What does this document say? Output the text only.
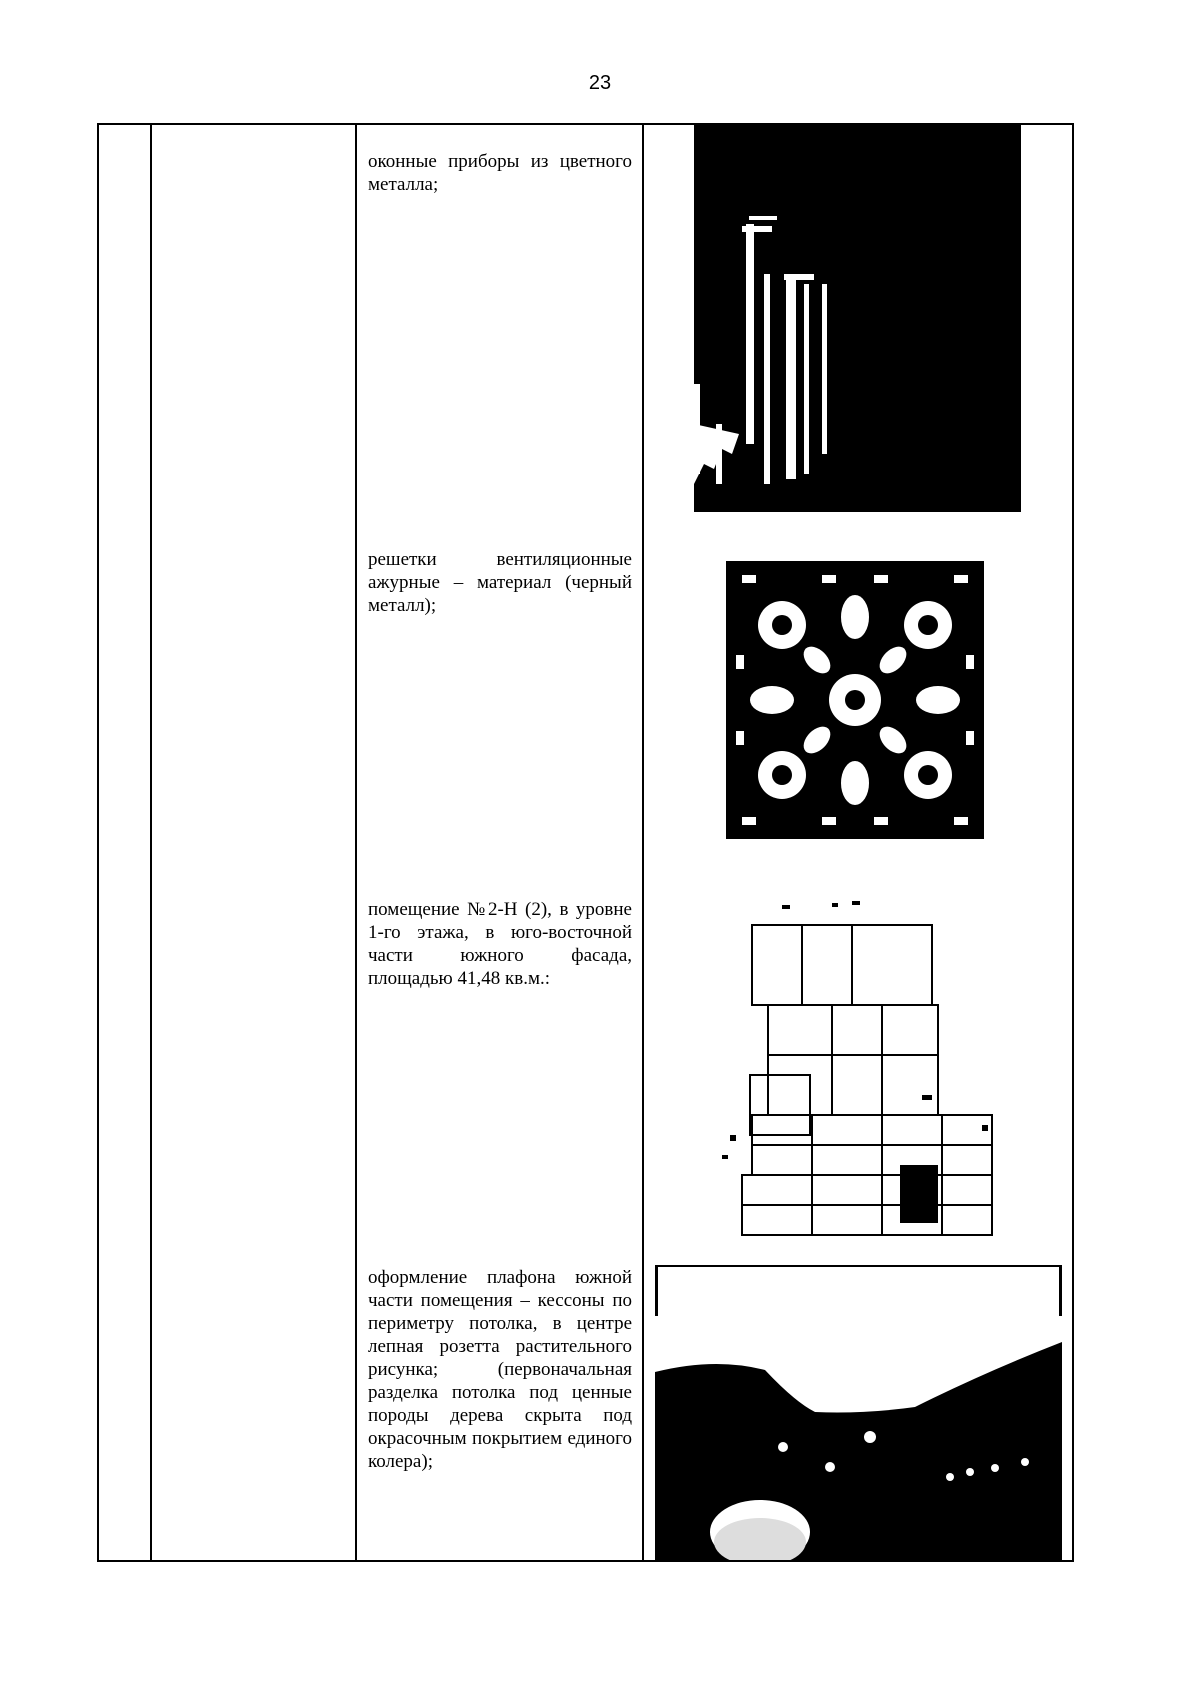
23
оконные приборы из цветного металла;
решетки вентиляционные ажурные – материал (черный металл);
помещение №2-Н (2), в уровне 1-го этажа, в юго-восточной части южного фасада, площадью 41,48 кв.м.:
оформление плафона южной части помещения – кессоны по периметру потолка, в центре лепная розетта растительного рисунка; (первоначальная разделка потолка под ценные породы дерева скрыта под окрасочным покрытием единого колера);
